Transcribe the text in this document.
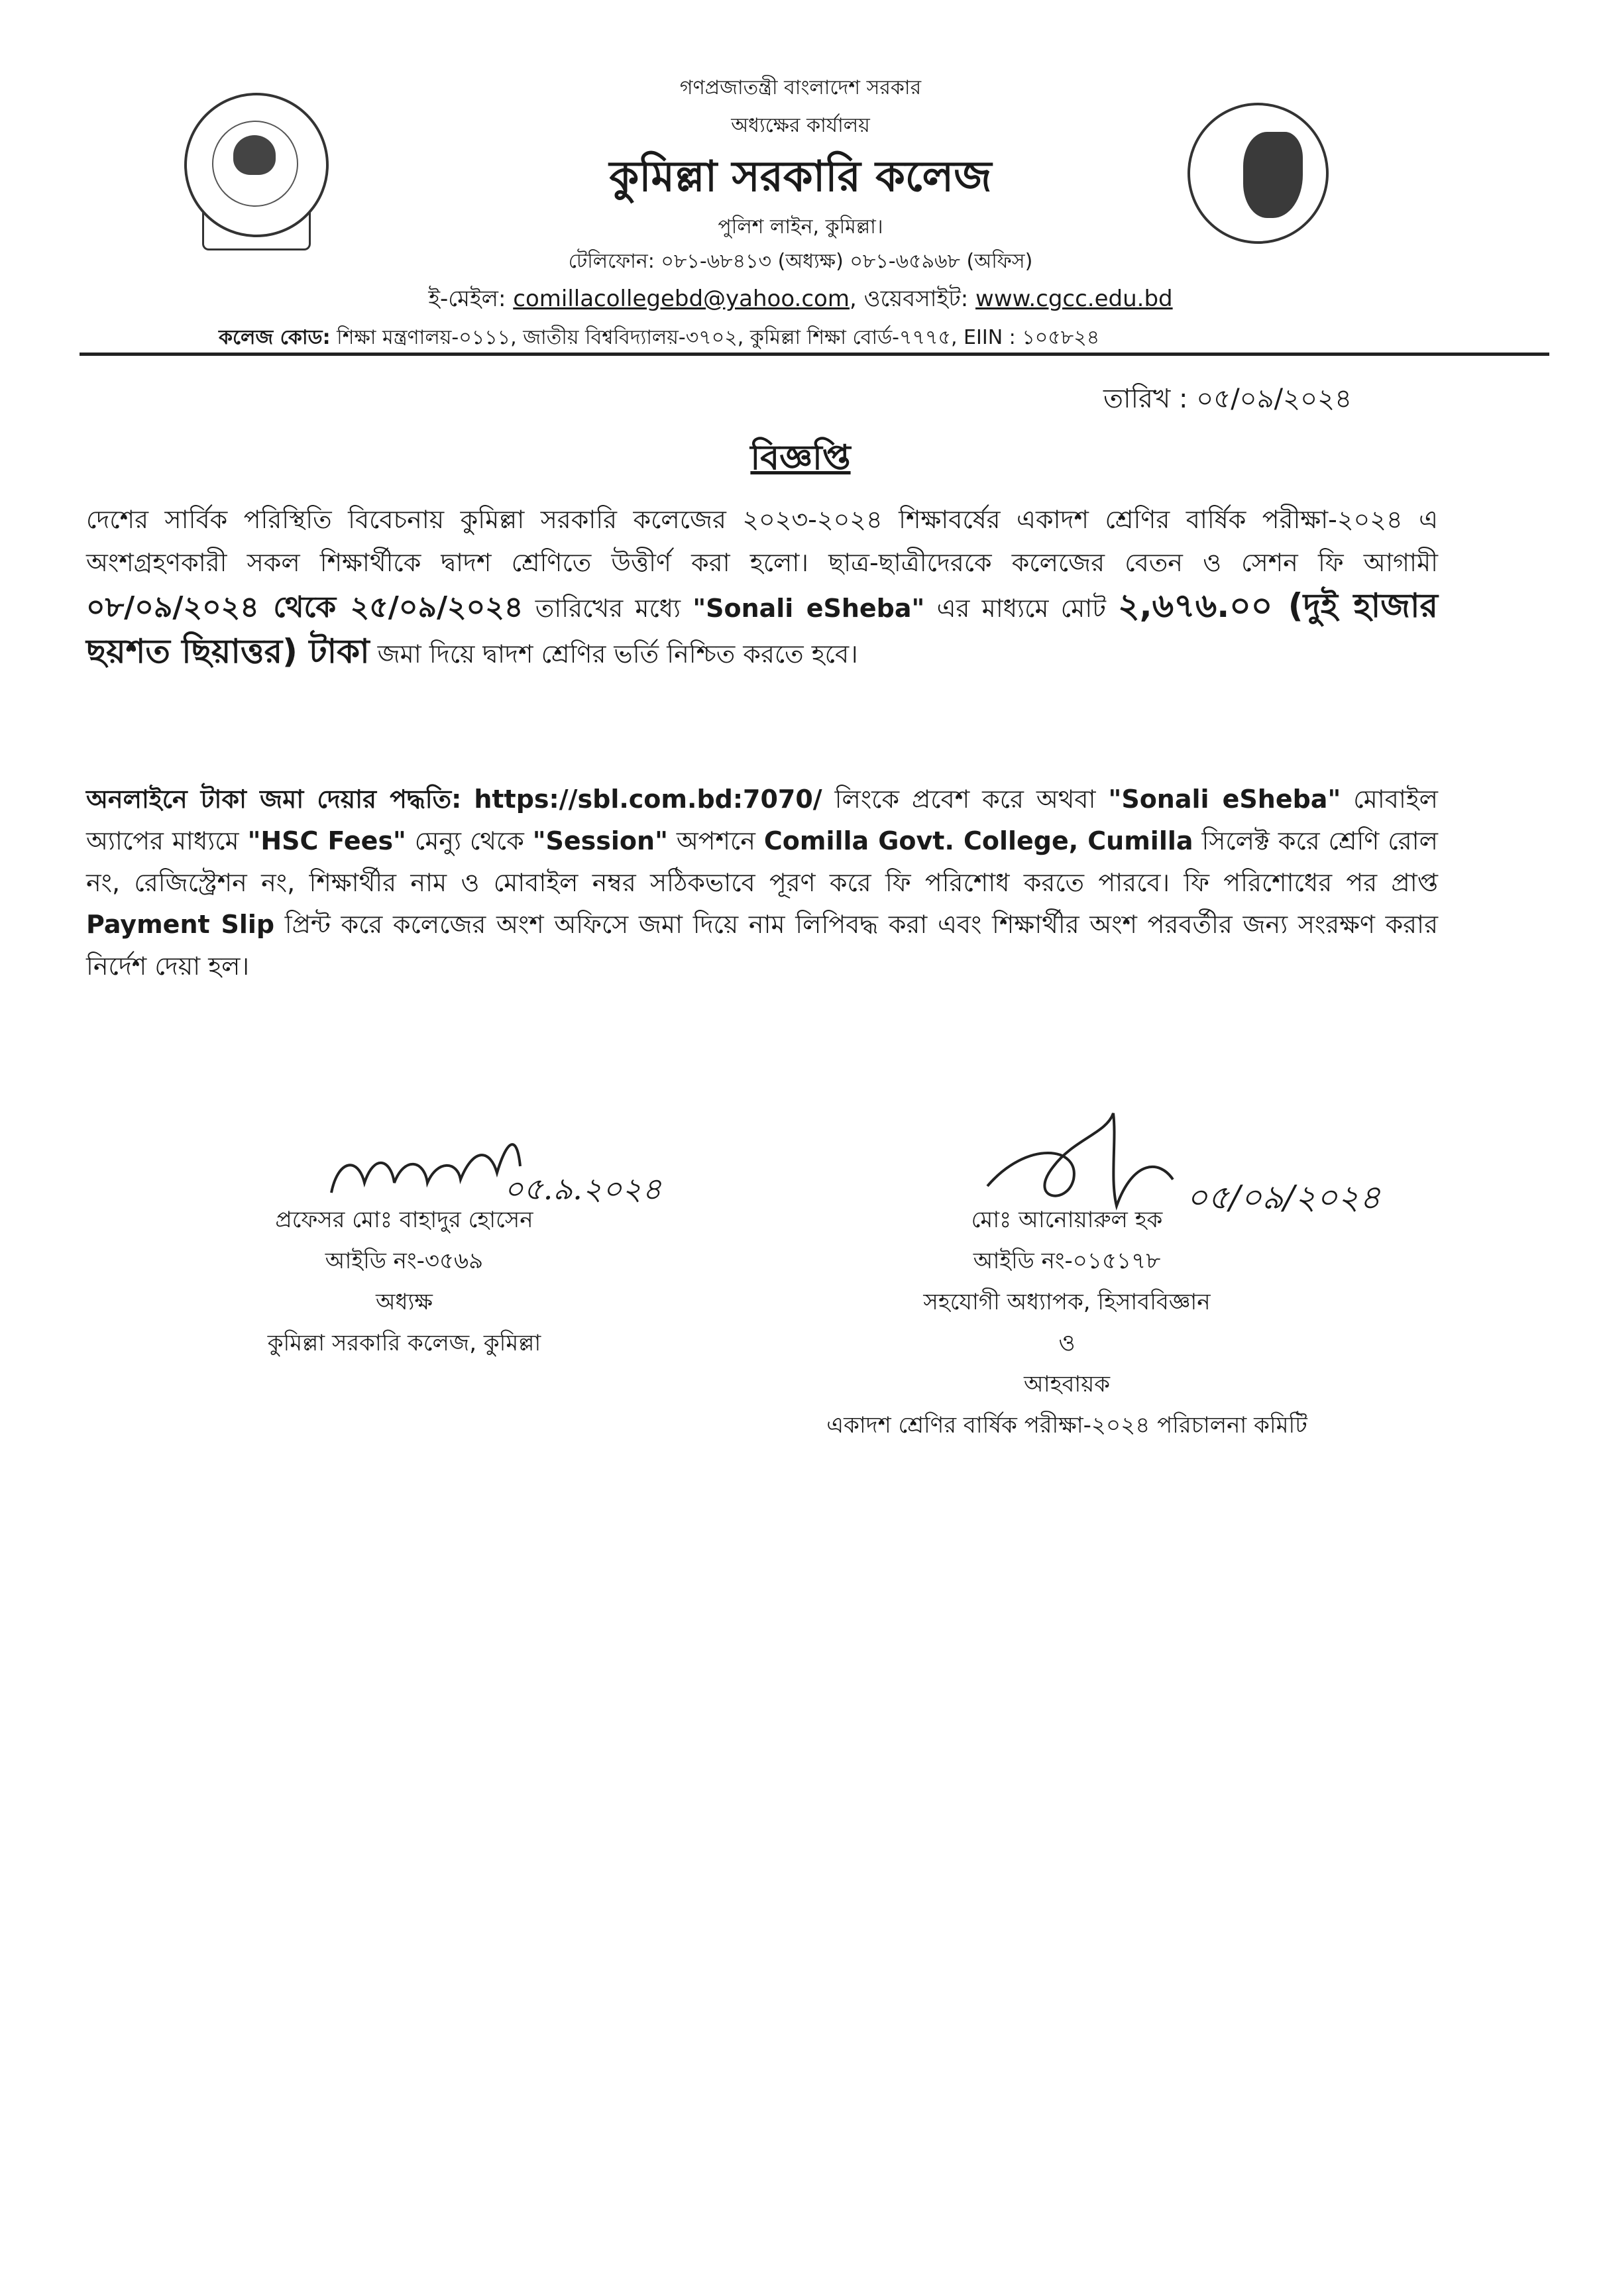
গণপ্রজাতন্ত্রী বাংলাদেশ সরকার
অধ্যক্ষের কার্যালয়
কুমিল্লা সরকারি কলেজ
পুলিশ লাইন, কুমিল্লা।
টেলিফোন: ০৮১-৬৮৪১৩ (অধ্যক্ষ) ০৮১-৬৫৯৬৮ (অফিস)
ই-মেইল: comillacollegebd@yahoo.com, ওয়েবসাইট: www.cgcc.edu.bd
কলেজ কোড: শিক্ষা মন্ত্রণালয়-০১১১, জাতীয় বিশ্ববিদ্যালয়-৩৭০২, কুমিল্লা শিক্ষা বোর্ড-৭৭৭৫, EIIN : ১০৫৮২৪
তারিখ : ০৫/০৯/২০২৪
বিজ্ঞপ্তি
দেশের সার্বিক পরিস্থিতি বিবেচনায় কুমিল্লা সরকারি কলেজের ২০২৩-২০২৪ শিক্ষাবর্ষের একাদশ শ্রেণির বার্ষিক পরীক্ষা-২০২৪ এ অংশগ্রহণকারী সকল শিক্ষার্থীকে দ্বাদশ শ্রেণিতে উত্তীর্ণ করা হলো। ছাত্র-ছাত্রীদেরকে কলেজের বেতন ও সেশন ফি আগামী ০৮/০৯/২০২৪ থেকে ২৫/০৯/২০২৪ তারিখের মধ্যে "Sonali eSheba" এর মাধ্যমে মোট ২,৬৭৬.০০ (দুই হাজার ছয়শত ছিয়াত্তর) টাকা জমা দিয়ে দ্বাদশ শ্রেণির ভর্তি নিশ্চিত করতে হবে।
অনলাইনে টাকা জমা দেয়ার পদ্ধতি: https://sbl.com.bd:7070/ লিংকে প্রবেশ করে অথবা "Sonali eSheba" মোবাইল অ্যাপের মাধ্যমে "HSC Fees" মেন্যু থেকে "Session" অপশনে Comilla Govt. College, Cumilla সিলেক্ট করে শ্রেণি রোল নং, রেজিস্ট্রেশন নং, শিক্ষার্থীর নাম ও মোবাইল নম্বর সঠিকভাবে পূরণ করে ফি পরিশোধ করতে পারবে। ফি পরিশোধের পর প্রাপ্ত Payment Slip প্রিন্ট করে কলেজের অংশ অফিসে জমা দিয়ে নাম লিপিবদ্ধ করা এবং শিক্ষার্থীর অংশ পরবর্তীর জন্য সংরক্ষণ করার নির্দেশ দেয়া হল।
০৫.৯.২০২৪
প্রফেসর মোঃ বাহাদুর হোসেন
আইডি নং-৩৫৬৯
অধ্যক্ষ
কুমিল্লা সরকারি কলেজ, কুমিল্লা
০৫/০৯/২০২৪
মোঃ আনোয়ারুল হক
আইডি নং-০১৫১৭৮
সহযোগী অধ্যাপক, হিসাববিজ্ঞান
ও
আহবায়ক
একাদশ শ্রেণির বার্ষিক পরীক্ষা-২০২৪ পরিচালনা কমিটি
